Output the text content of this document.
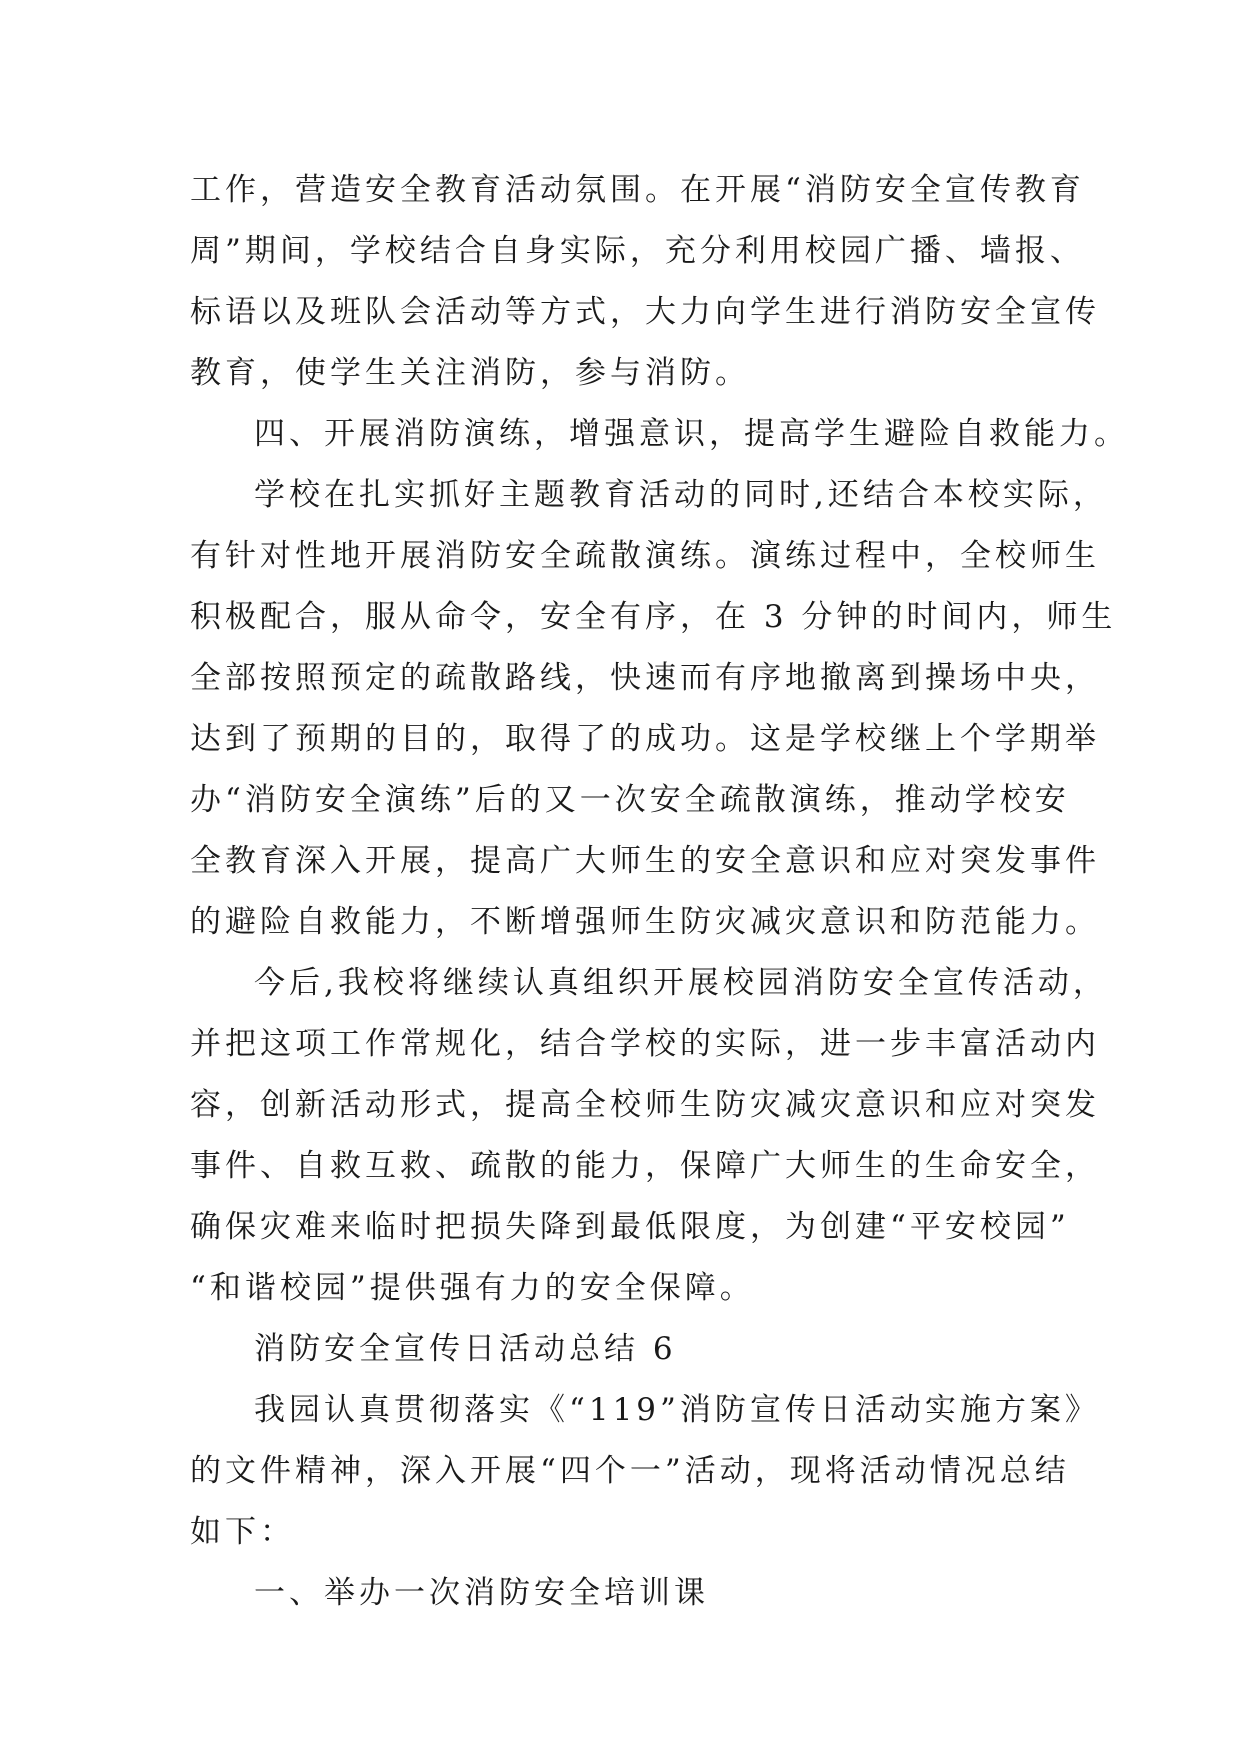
工作，营造安全教育活动氛围。在开展“消防安全宣传教育
周”期间，学校结合自身实际，充分利用校园广播、墙报、
标语以及班队会活动等方式，大力向学生进行消防安全宣传
教育，使学生关注消防，参与消防。
四、开展消防演练，增强意识，提高学生避险自救能力。
学校在扎实抓好主题教育活动的同时,还结合本校实际，
有针对性地开展消防安全疏散演练。演练过程中，全校师生
积极配合，服从命令，安全有序，在 3 分钟的时间内，师生
全部按照预定的疏散路线，快速而有序地撤离到操场中央，
达到了预期的目的，取得了的成功。这是学校继上个学期举
办“消防安全演练”后的又一次安全疏散演练，推动学校安
全教育深入开展，提高广大师生的安全意识和应对突发事件
的避险自救能力，不断增强师生防灾减灾意识和防范能力。
今后,我校将继续认真组织开展校园消防安全宣传活动，
并把这项工作常规化，结合学校的实际，进一步丰富活动内
容，创新活动形式，提高全校师生防灾减灾意识和应对突发
事件、自救互救、疏散的能力，保障广大师生的生命安全，
确保灾难来临时把损失降到最低限度，为创建“平安校园”
“和谐校园”提供强有力的安全保障。
消防安全宣传日活动总结 6
我园认真贯彻落实《“119”消防宣传日活动实施方案》
的文件精神，深入开展“四个一”活动，现将活动情况总结
如下：
一、举办一次消防安全培训课
